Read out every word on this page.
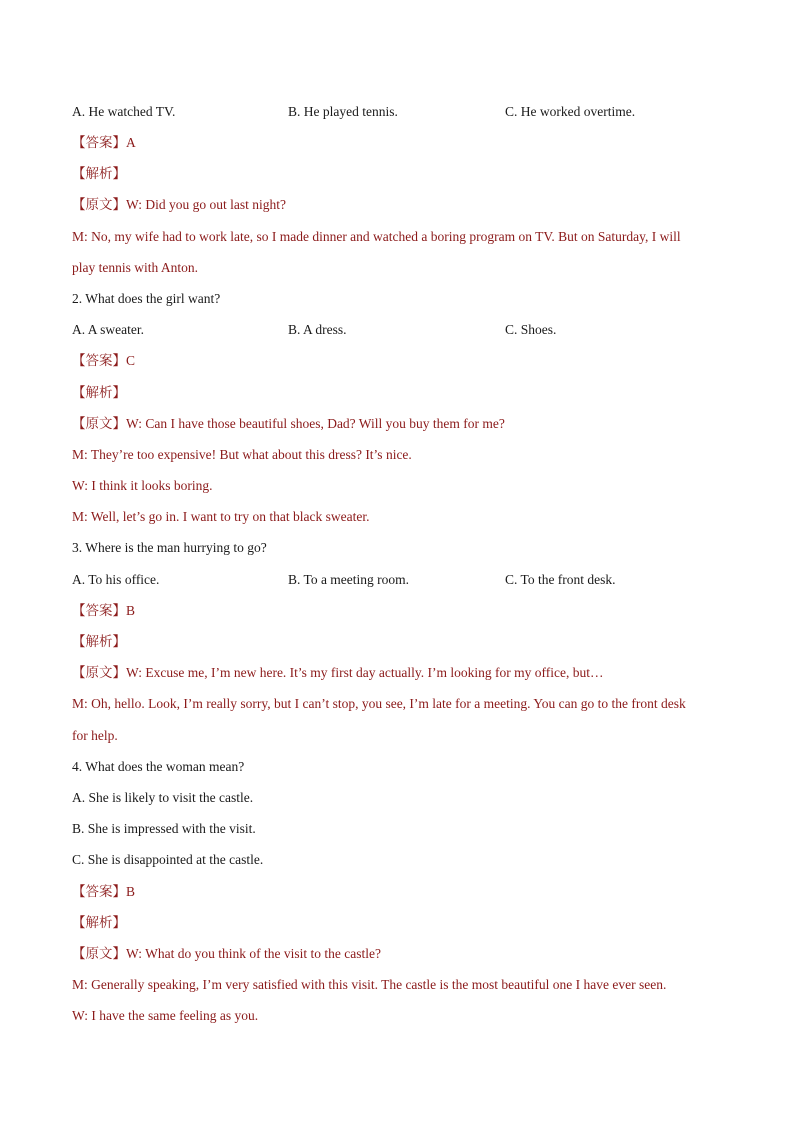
A. He watched TV.	B. He played tennis.	C. He worked overtime.
【答案】A
【解析】
【原文】W: Did you go out last night?
M: No, my wife had to work late, so I made dinner and watched a boring program on TV. But on Saturday, I will
play tennis with Anton.
2. What does the girl want?
A. A sweater.	B. A dress.	C. Shoes.
【答案】C
【解析】
【原文】W: Can I have those beautiful shoes, Dad? Will you buy them for me?
M: They’re too expensive! But what about this dress? It’s nice.
W: I think it looks boring.
M: Well, let’s go in. I want to try on that black sweater.
3. Where is the man hurrying to go?
A. To his office.	B. To a meeting room.	C. To the front desk.
【答案】B
【解析】
【原文】W: Excuse me, I’m new here. It’s my first day actually. I’m looking for my office, but…
M: Oh, hello. Look, I’m really sorry, but I can’t stop, you see, I’m late for a meeting. You can go to the front desk
for help.
4. What does the woman mean?
A. She is likely to visit the castle.
B. She is impressed with the visit.
C. She is disappointed at the castle.
【答案】B
【解析】
【原文】W: What do you think of the visit to the castle?
M: Generally speaking, I’m very satisfied with this visit. The castle is the most beautiful one I have ever seen.
W: I have the same feeling as you.
